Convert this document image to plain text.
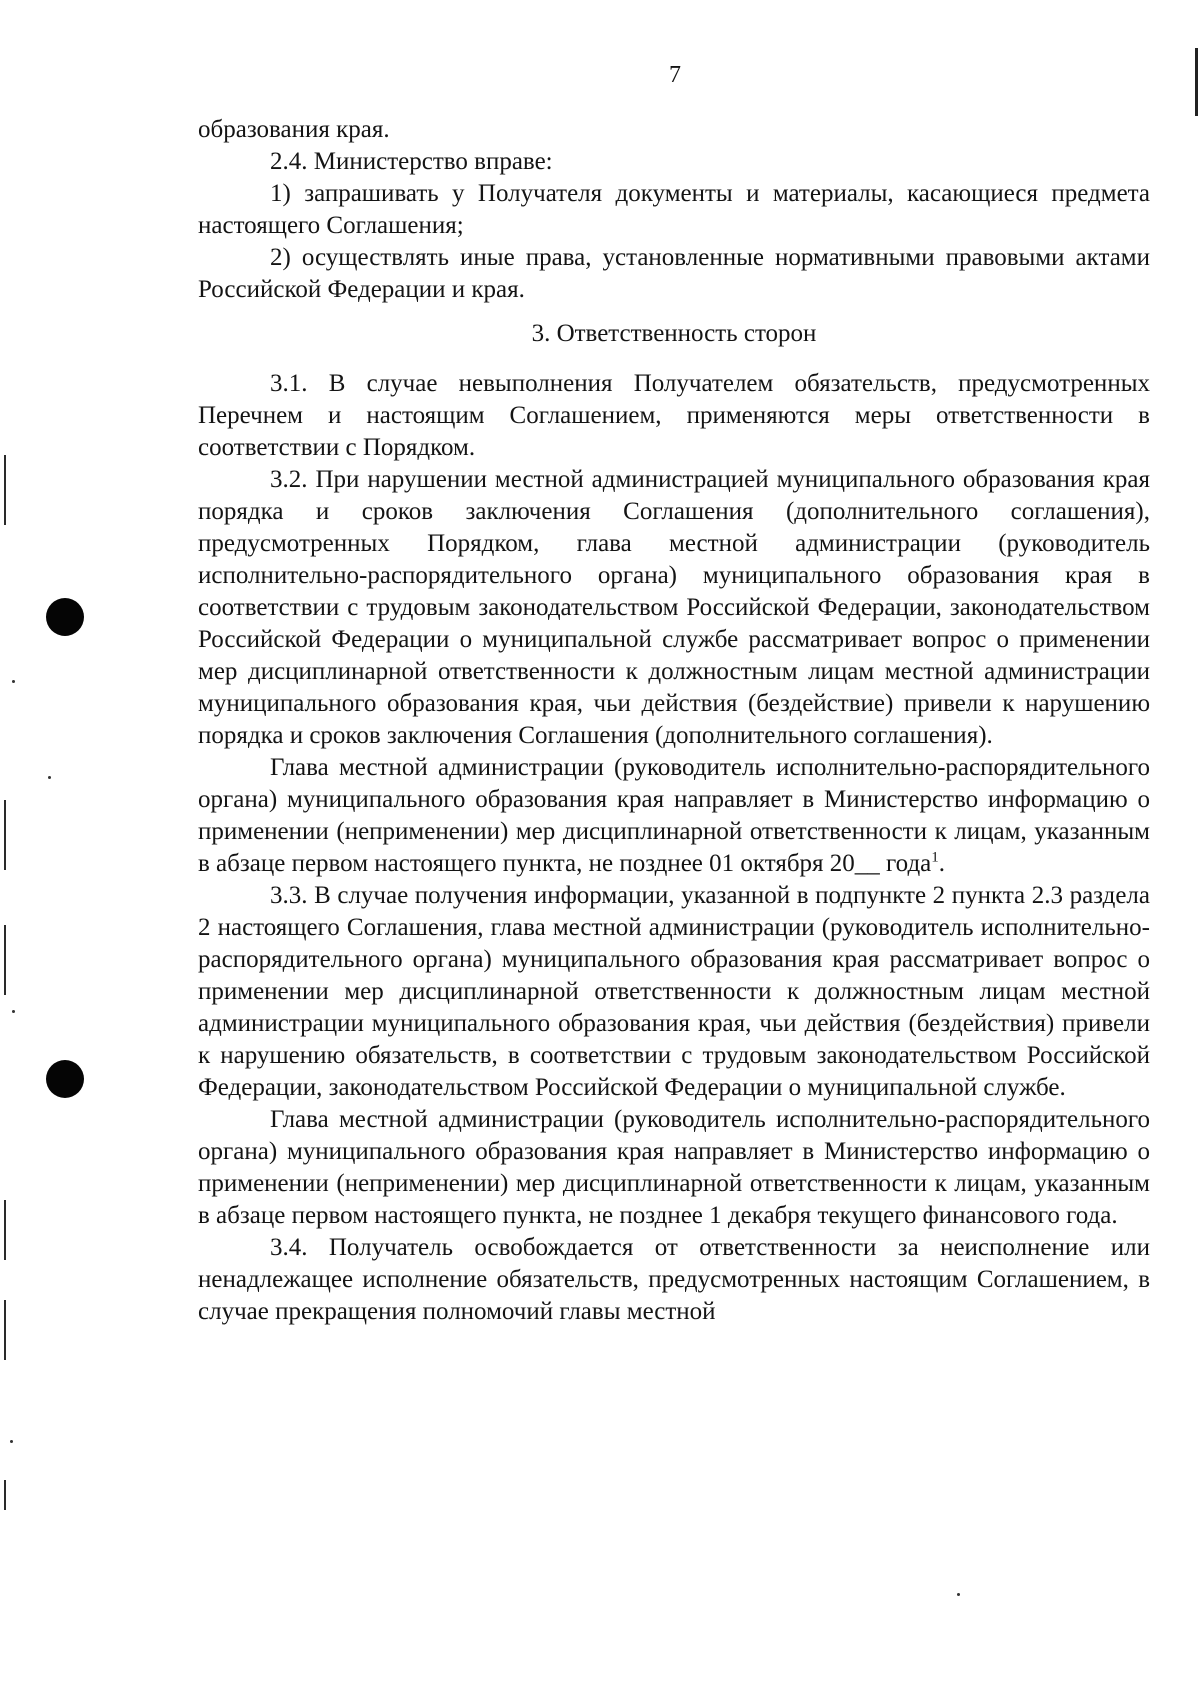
7

образования края.

2.4. Министерство вправе:

1) запрашивать у Получателя документы и материалы, касающиеся предмета настоящего Соглашения;

2) осуществлять иные права, установленные нормативными правовыми актами Российской Федерации и края.

3. Ответственность сторон

3.1. В случае невыполнения Получателем обязательств, предусмотренных Перечнем и настоящим Соглашением, применяются меры ответственности в соответствии с Порядком.

3.2. При нарушении местной администрацией муниципального образования края порядка и сроков заключения Соглашения (дополнительного соглашения), предусмотренных Порядком, глава местной администрации (руководитель исполнительно-распорядительного органа) муниципального образования края в соответствии с трудовым законодательством Российской Федерации, законодательством Российской Федерации о муниципальной службе рассматривает вопрос о применении мер дисциплинарной ответственности к должностным лицам местной администрации муниципального образования края, чьи действия (бездействие) привели к нарушению порядка и сроков заключения Соглашения (дополнительного соглашения).

Глава местной администрации (руководитель исполнительно-распорядительного органа) муниципального образования края направляет в Министерство информацию о применении (неприменении) мер дисциплинарной ответственности к лицам, указанным в абзаце первом настоящего пункта, не позднее 01 октября 20__ года$^1$.

3.3. В случае получения информации, указанной в подпункте 2 пункта 2.3 раздела 2 настоящего Соглашения, глава местной администрации (руководитель исполнительно-распорядительного органа) муниципального образования края рассматривает вопрос о применении мер дисциплинарной ответственности к должностным лицам местной администрации муниципального образования края, чьи действия (бездействия) привели к нарушению обязательств, в соответствии с трудовым законодательством Российской Федерации, законодательством Российской Федерации о муниципальной службе.

Глава местной администрации (руководитель исполнительно-распорядительного органа) муниципального образования края направляет в Министерство информацию о применении (неприменении) мер дисциплинарной ответственности к лицам, указанным в абзаце первом настоящего пункта, не позднее 1 декабря текущего финансового года.

3.4. Получатель освобождается от ответственности за неисполнение или ненадлежащее исполнение обязательств, предусмотренных настоящим Соглашением, в случае прекращения полномочий главы местной
